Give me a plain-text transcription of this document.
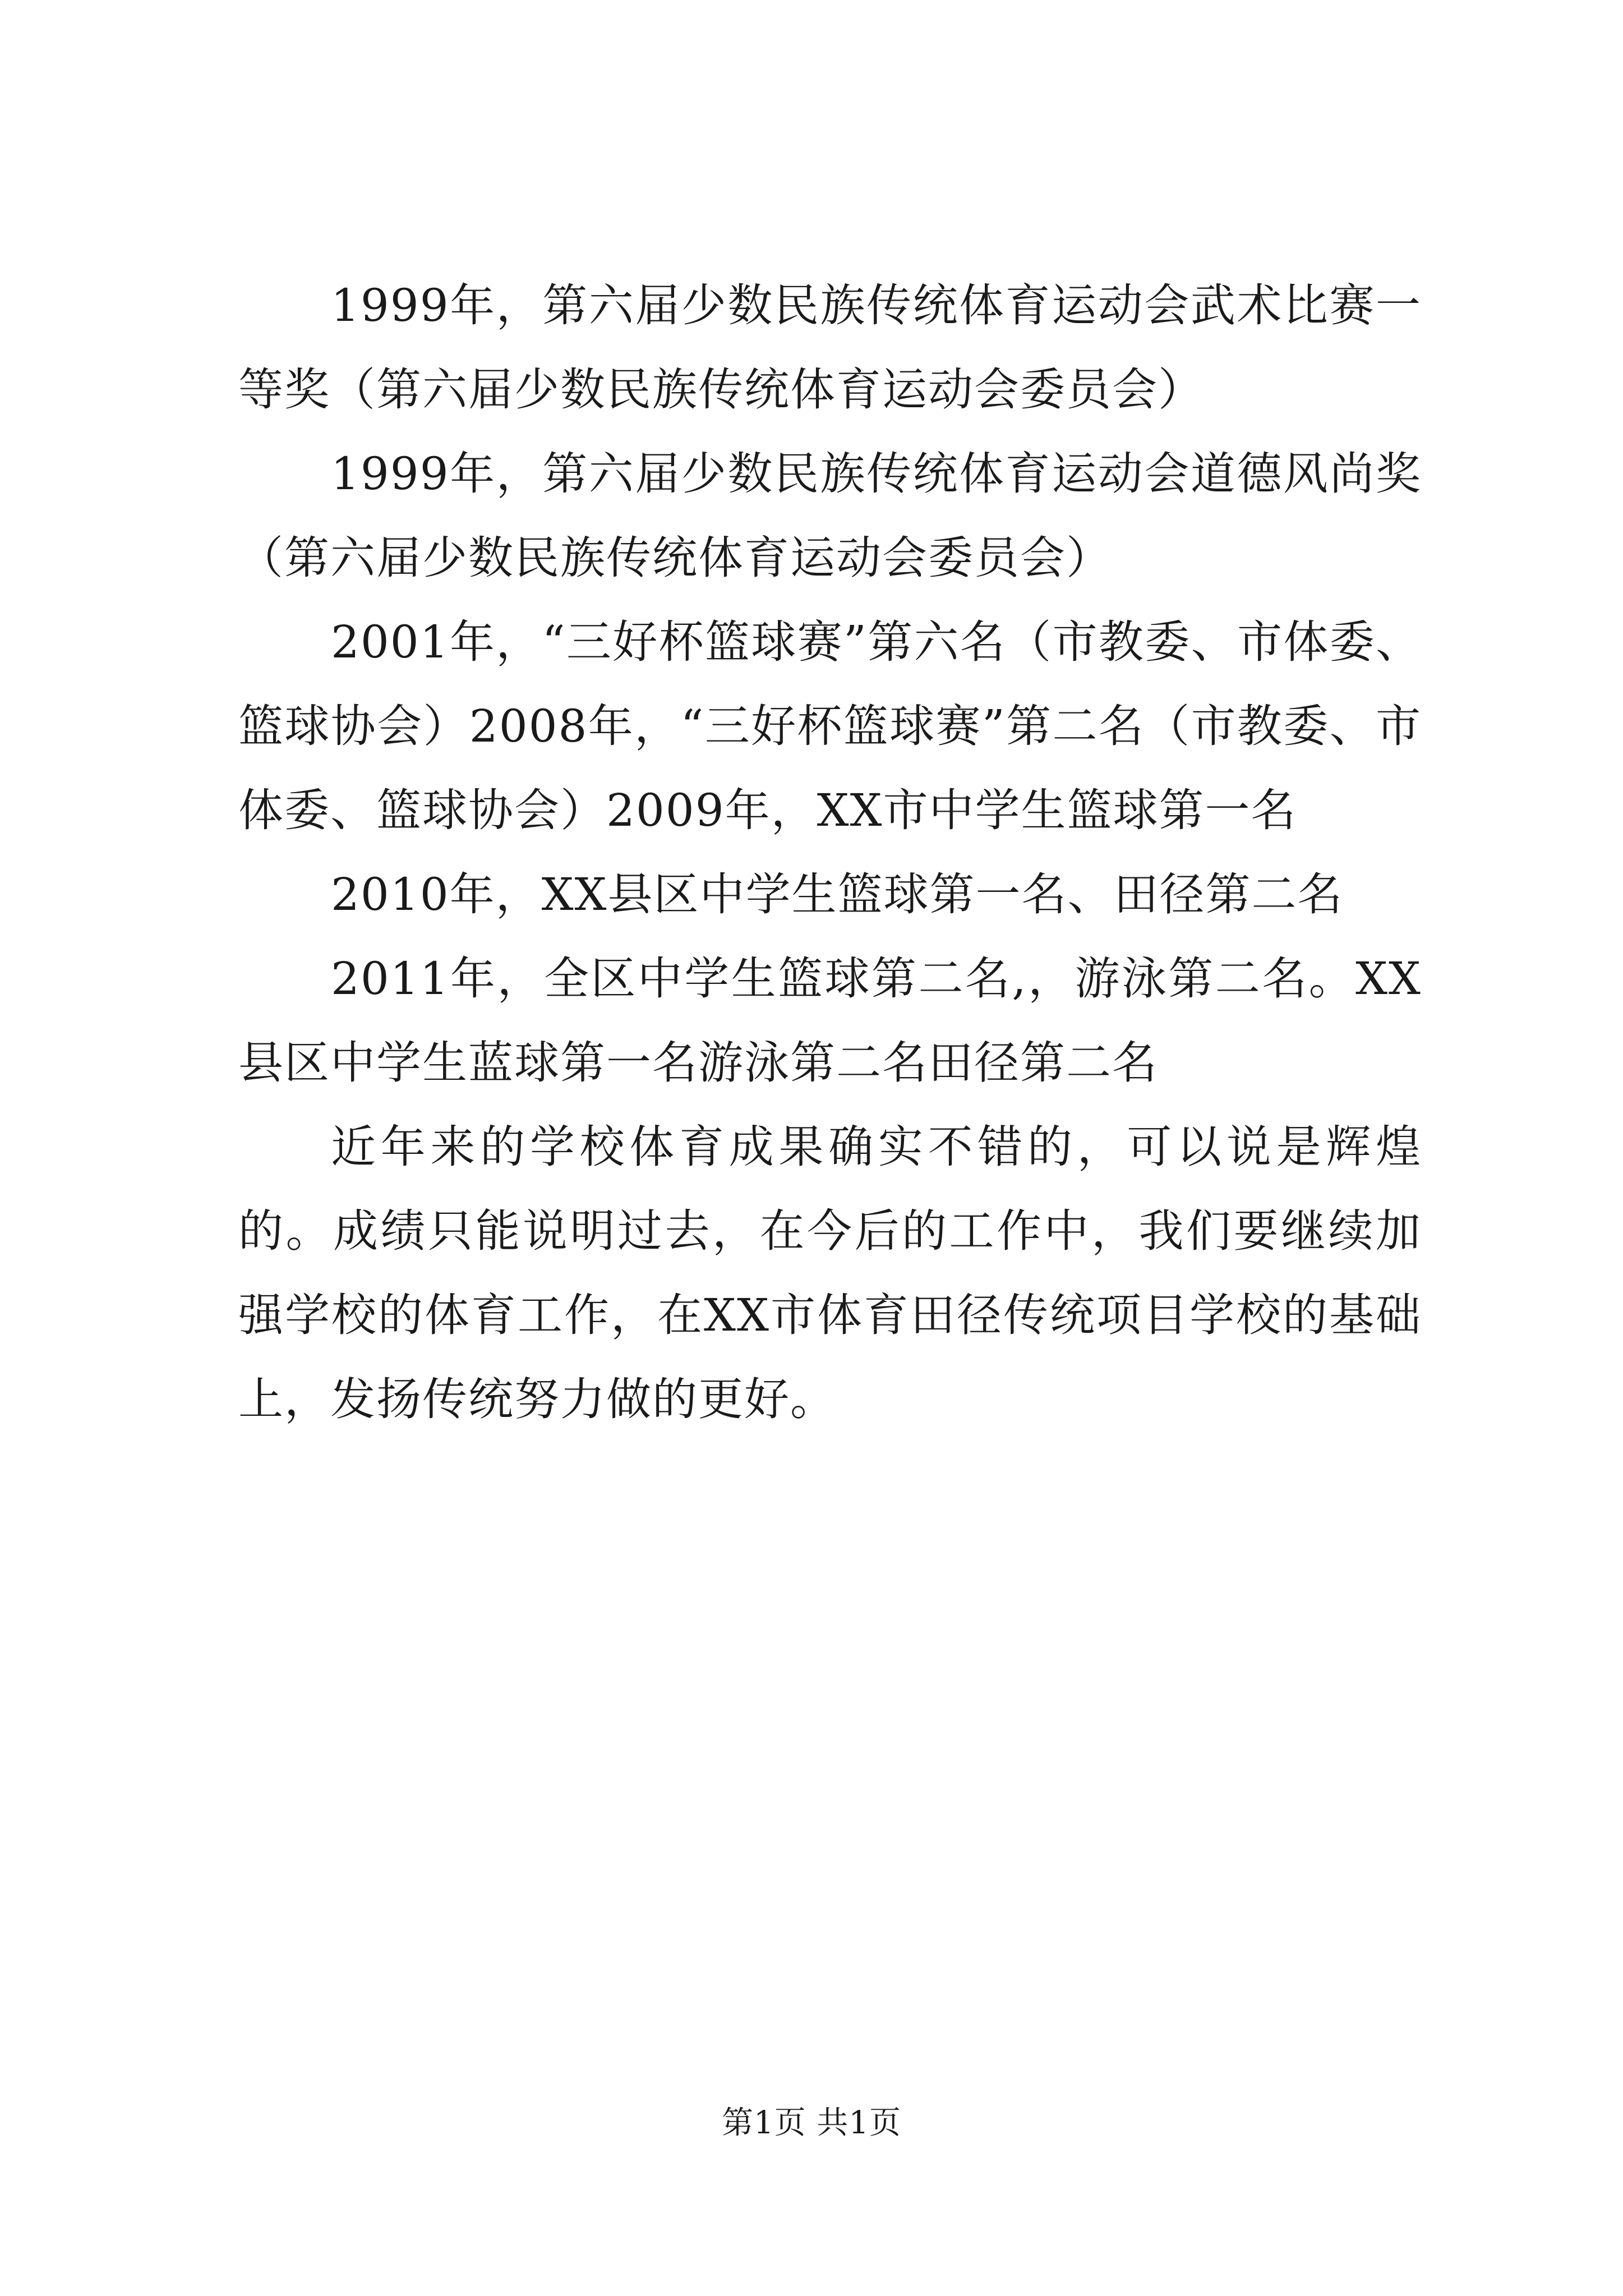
1999年，第六届少数民族传统体育运动会武术比赛一等奖（第六届少数民族传统体育运动会委员会）

1999年，第六届少数民族传统体育运动会道德风尚奖（第六届少数民族传统体育运动会委员会）

2001年，“三好杯篮球赛”第六名（市教委、市体委、篮球协会）2008年，“三好杯篮球赛”第二名（市教委、市体委、篮球协会）2009年，XX市中学生篮球第一名

2010年，XX县区中学生篮球第一名、田径第二名

2011年，全区中学生篮球第二名,，游泳第二名。XX县区中学生蓝球第一名游泳第二名田径第二名

近年来的学校体育成果确实不错的，可以说是辉煌的。成绩只能说明过去，在今后的工作中，我们要继续加强学校的体育工作，在XX市体育田径传统项目学校的基础上，发扬传统努力做的更好。

第1页 共1页
